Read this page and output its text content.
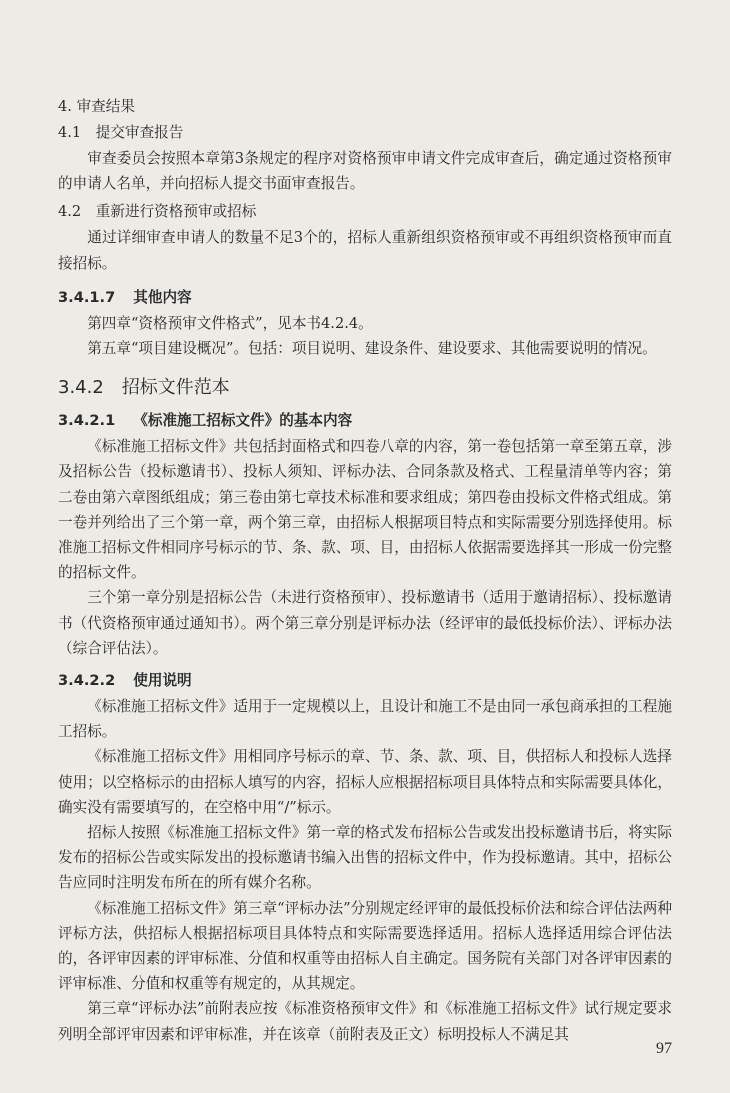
4. 审查结果
4.1　提交审查报告
审查委员会按照本章第3条规定的程序对资格预审申请文件完成审查后，确定通过资格预审的申请人名单，并向招标人提交书面审查报告。
4.2　重新进行资格预审或招标
通过详细审查申请人的数量不足3个的，招标人重新组织资格预审或不再组织资格预审而直接招标。
3.4.1.7 其他内容
第四章“资格预审文件格式”，见本书4.2.4。
第五章“项目建设概况”。包括：项目说明、建设条件、建设要求、其他需要说明的情况。
3.4.2 招标文件范本
3.4.2.1 《标准施工招标文件》的基本内容
《标准施工招标文件》共包括封面格式和四卷八章的内容，第一卷包括第一章至第五章，涉及招标公告（投标邀请书）、投标人须知、评标办法、合同条款及格式、工程量清单等内容；第二卷由第六章图纸组成；第三卷由第七章技术标准和要求组成；第四卷由投标文件格式组成。第一卷并列给出了三个第一章，两个第三章，由招标人根据项目特点和实际需要分别选择使用。标准施工招标文件相同序号标示的节、条、款、项、目，由招标人依据需要选择其一形成一份完整的招标文件。
三个第一章分别是招标公告（未进行资格预审）、投标邀请书（适用于邀请招标）、投标邀请书（代资格预审通过通知书）。两个第三章分别是评标办法（经评审的最低投标价法）、评标办法（综合评估法）。
3.4.2.2 使用说明
《标准施工招标文件》适用于一定规模以上，且设计和施工不是由同一承包商承担的工程施工招标。
《标准施工招标文件》用相同序号标示的章、节、条、款、项、目，供招标人和投标人选择使用；以空格标示的由招标人填写的内容，招标人应根据招标项目具体特点和实际需要具体化，确实没有需要填写的，在空格中用“/”标示。
招标人按照《标准施工招标文件》第一章的格式发布招标公告或发出投标邀请书后，将实际发布的招标公告或实际发出的投标邀请书编入出售的招标文件中，作为投标邀请。其中，招标公告应同时注明发布所在的所有媒介名称。
《标准施工招标文件》第三章“评标办法”分别规定经评审的最低投标价法和综合评估法两种评标方法，供招标人根据招标项目具体特点和实际需要选择适用。招标人选择适用综合评估法的，各评审因素的评审标准、分值和权重等由招标人自主确定。国务院有关部门对各评审因素的评审标准、分值和权重等有规定的，从其规定。
第三章“评标办法”前附表应按《标准资格预审文件》和《标准施工招标文件》试行规定要求列明全部评审因素和评审标准，并在该章（前附表及正文）标明投标人不满足其
97
